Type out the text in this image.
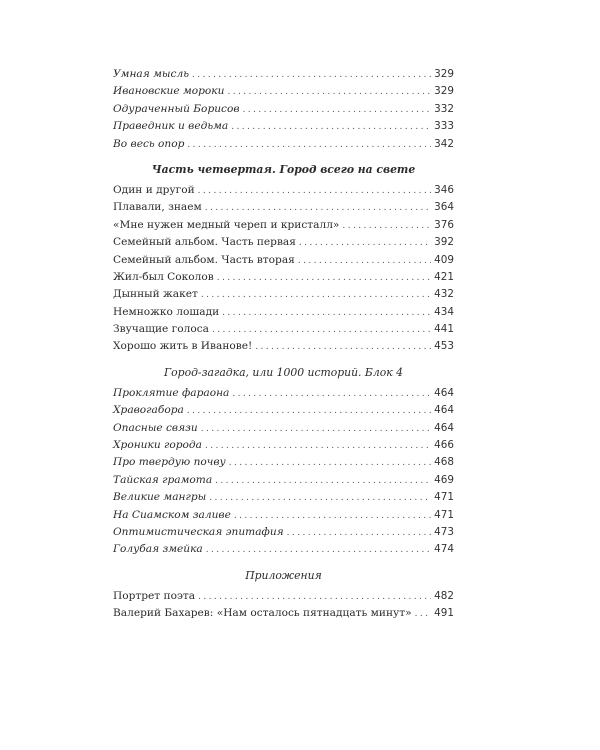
Умная мысль .....	329
Ивановские мороки .....	329
Одураченный Борисов .....	332
Праведник и ведьма .....	333
Во весь опор .....	342
Часть четвертая. Город всего на свете
Один и другой .....	346
Плавали, знаем .....	364
«Мне нужен медный череп и кристалл» .....	376
Семейный альбом. Часть первая .....	392
Семейный альбом. Часть вторая .....	409
Жил-был Соколов .....	421
Дынный жакет .....	432
Немножко лошади .....	434
Звучащие голоса .....	441
Хорошо жить в Иванове! .....	453
Город-загадка, или 1000 историй. Блок 4
Проклятие фараона .....	464
Хравогабора .....	464
Опасные связи .....	464
Хроники города .....	466
Про твердую почву .....	468
Тайская грамота .....	469
Великие мангры .....	471
На Сиамском заливе .....	471
Оптимистическая эпитафия .....	473
Голубая змейка .....	474
Приложения
Портрет поэта .....	482
Валерий Бахарев: «Нам осталось пятнадцать минут» ..... 491
